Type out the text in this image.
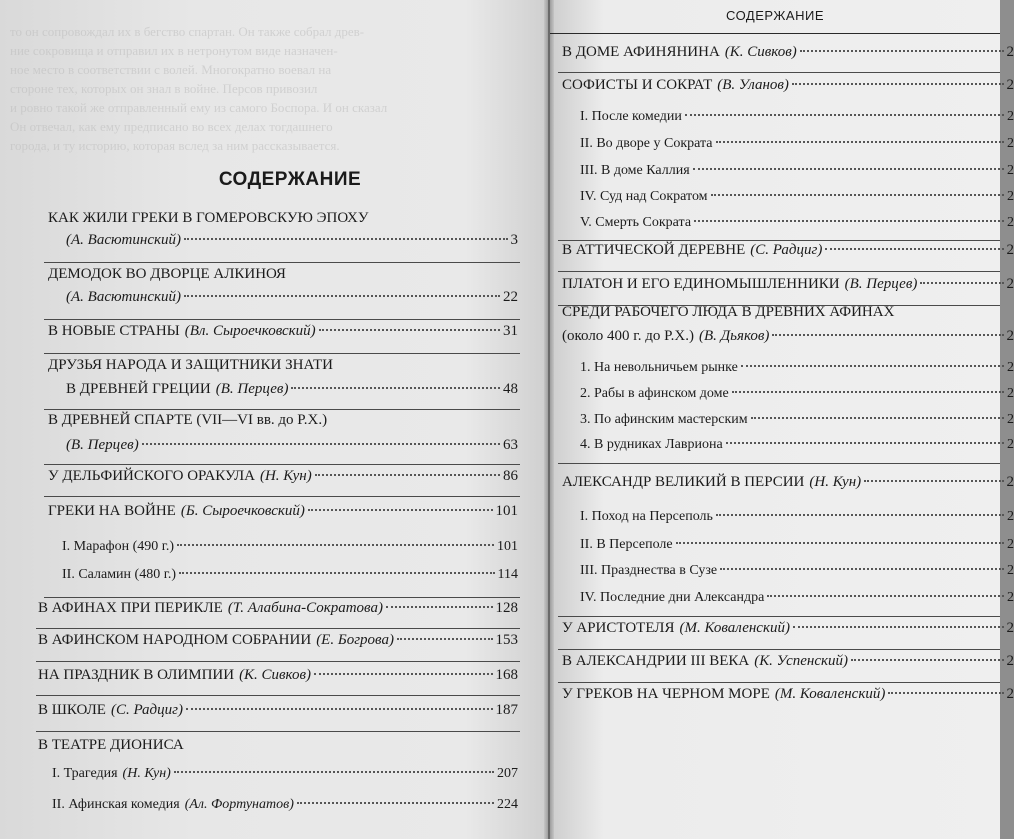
то он сопровождал их в бегство спартан. Он также собрал древ-
ние сокровища и отправил их в нетронутом виде назначен-
ное место в соответствии с волей. Многократно воевал на
стороне тех, которых он знал в войне. Персов привозил
и ровно такой же отправленный ему из самого Боспора. И он сказал
Он отвечал, как ему предписано во всех делах тогдашнего
города, и ту историю, которая вслед за ним рассказывается.
СОДЕРЖАНИЕ
КАК ЖИЛИ ГРЕКИ В ГОМЕРОВСКУЮ ЭПОХУ
(А. Васютинский)	3
ДЕМОДОК ВО ДВОРЦЕ АЛКИНОЯ
(А. Васютинский)	22
В НОВЫЕ СТРАНЫ (Вл. Сыроечковский)	31
ДРУЗЬЯ НАРОДА И ЗАЩИТНИКИ ЗНАТИ
В ДРЕВНЕЙ ГРЕЦИИ (В. Перцев)	48
В ДРЕВНЕЙ СПАРТЕ (VII—VI вв. до Р.Х.)
(В. Перцев)	63
У ДЕЛЬФИЙСКОГО ОРАКУЛА (Н. Кун)	86
ГРЕКИ НА ВОЙНЕ (Б. Сыроечковский)	101
I. Марафон (490 г.)	101
II. Саламин (480 г.)	114
В АФИНАХ ПРИ ПЕРИКЛЕ (Т. Алабина-Сократова)	128
В АФИНСКОМ НАРОДНОМ СОБРАНИИ (Е. Богрова)	153
НА ПРАЗДНИК В ОЛИМПИИ (К. Сивков)	168
В ШКОЛЕ (С. Радциг)	187
В ТЕАТРЕ ДИОНИСА
I. Трагедия (Н. Кун)	207
II. Афинская комедия (Ал. Фортунатов)	224
СОДЕРЖАНИЕ
В ДОМЕ АФИНЯНИНА (К. Сивков)	2
СОФИСТЫ И СОКРАТ (В. Уланов)	2
I. После комедии	2
II. Во дворе у Сократа	2
III. В доме Каллия	2
IV. Суд над Сократом	2
V. Смерть Сократа	2
В АТТИЧЕСКОЙ ДЕРЕВНЕ (С. Радциг)	2
ПЛАТОН И ЕГО ЕДИНОМЫШЛЕННИКИ (В. Перцев)	2
СРЕДИ РАБОЧЕГО ЛЮДА В ДРЕВНИХ АФИНАХ
(около 400 г. до Р.Х.) (В. Дьяков)	2
1. На невольничьем рынке	2
2. Рабы в афинском доме	2
3. По афинским мастерским	2
4. В рудниках Лавриона	2
АЛЕКСАНДР ВЕЛИКИЙ В ПЕРСИИ (Н. Кун)	2
I. Поход на Персеполь	2
II. В Персеполе	2
III. Празднества в Сузе	2
IV. Последние дни Александра	2
У АРИСТОТЕЛЯ (М. Коваленский)	2
В АЛЕКСАНДРИИ III ВЕКА (К. Успенский)	2
У ГРЕКОВ НА ЧЕРНОМ МОРЕ (М. Коваленский)	2
